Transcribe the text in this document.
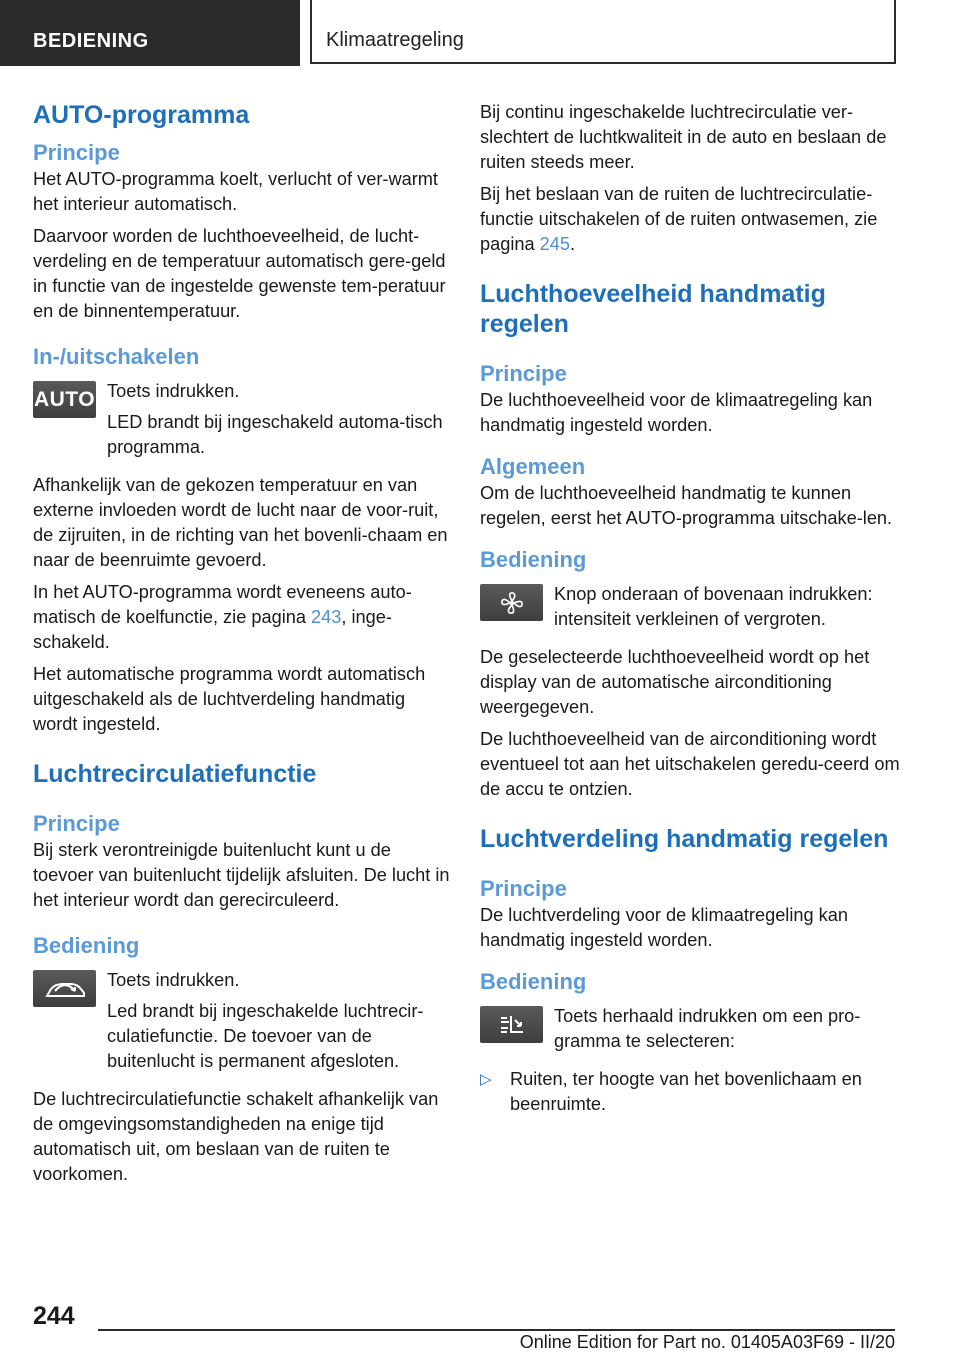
BEDIENING	Klimaatregeling
AUTO-programma
Principe

Het AUTO-programma koelt, verlucht of ver-warmt het interieur automatisch.

Daarvoor worden de luchthoeveelheid, de lucht-verdeling en de temperatuur automatisch gere-geld in functie van de ingestelde gewenste tem-peratuur en de binnentemperatuur.

In-/uitschakelen
AUTO Toets indrukken.

LED brandt bij ingeschakeld automa-tisch programma.

Afhankelijk van de gekozen temperatuur en van externe invloeden wordt de lucht naar de voor-ruit, de zijruiten, in de richting van het bovenli-chaam en naar de beenruimte gevoerd.

In het AUTO-programma wordt eveneens auto-matisch de koelfunctie, zie pagina 243, inge-schakeld.

Het automatische programma wordt automatisch uitgeschakeld als de luchtverdeling handmatig wordt ingesteld.

Luchtrecirculatiefunctie
Principe

Bij sterk verontreinigde buitenlucht kunt u de toevoer van buitenlucht tijdelijk afsluiten. De lucht in het interieur wordt dan gerecirculeerd.

Bediening

Toets indrukken.

Led brandt bij ingeschakelde luchtrecir-culatiefunctie. De toevoer van de buitenlucht is permanent afgesloten.

De luchtrecirculatiefunctie schakelt afhankelijk van de omgevingsomstandigheden na enige tijd automatisch uit, om beslaan van de ruiten te voorkomen.

Bij continu ingeschakelde luchtrecirculatie ver-slechtert de luchtkwaliteit in de auto en beslaan de ruiten steeds meer.

Bij het beslaan van de ruiten de luchtrecirculatie-functie uitschakelen of de ruiten ontwasemen, zie pagina 245.

Luchthoeveelheid handmatig regelen
Principe

De luchthoeveelheid voor de klimaatregeling kan handmatig ingesteld worden.

Algemeen

Om de luchthoeveelheid handmatig te kunnen regelen, eerst het AUTO-programma uitschake-len.

Bediening

Knop onderaan of bovenaan indrukken: intensiteit verkleinen of vergroten.

De geselecteerde luchthoeveelheid wordt op het display van de automatische airconditioning weergegeven.

De luchthoeveelheid van de airconditioning wordt eventueel tot aan het uitschakelen geredu-ceerd om de accu te ontzien.

Luchtverdeling handmatig regelen
Principe

De luchtverdeling voor de klimaatregeling kan handmatig ingesteld worden.

Bediening

Toets herhaald indrukken om een pro-gramma te selecteren:

▷ Ruiten, ter hoogte van het bovenlichaam en beenruimte.

244
Online Edition for Part no. 01405A03F69 - II/20
